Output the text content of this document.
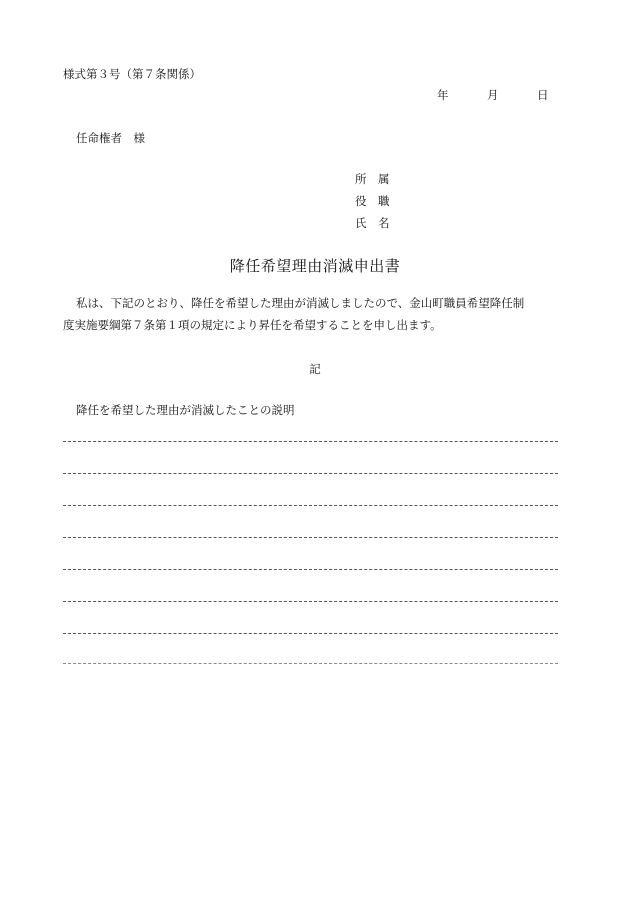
様式第３号（第７条関係）
年	月	日
任命権者　様
所　属
役　職
氏　名
降任希望理由消滅申出書
私は、下記のとおり、降任を希望した理由が消滅しましたので、金山町職員希望降任制
度実施要綱第７条第１項の規定により昇任を希望することを申し出ます。
記
降任を希望した理由が消滅したことの説明
